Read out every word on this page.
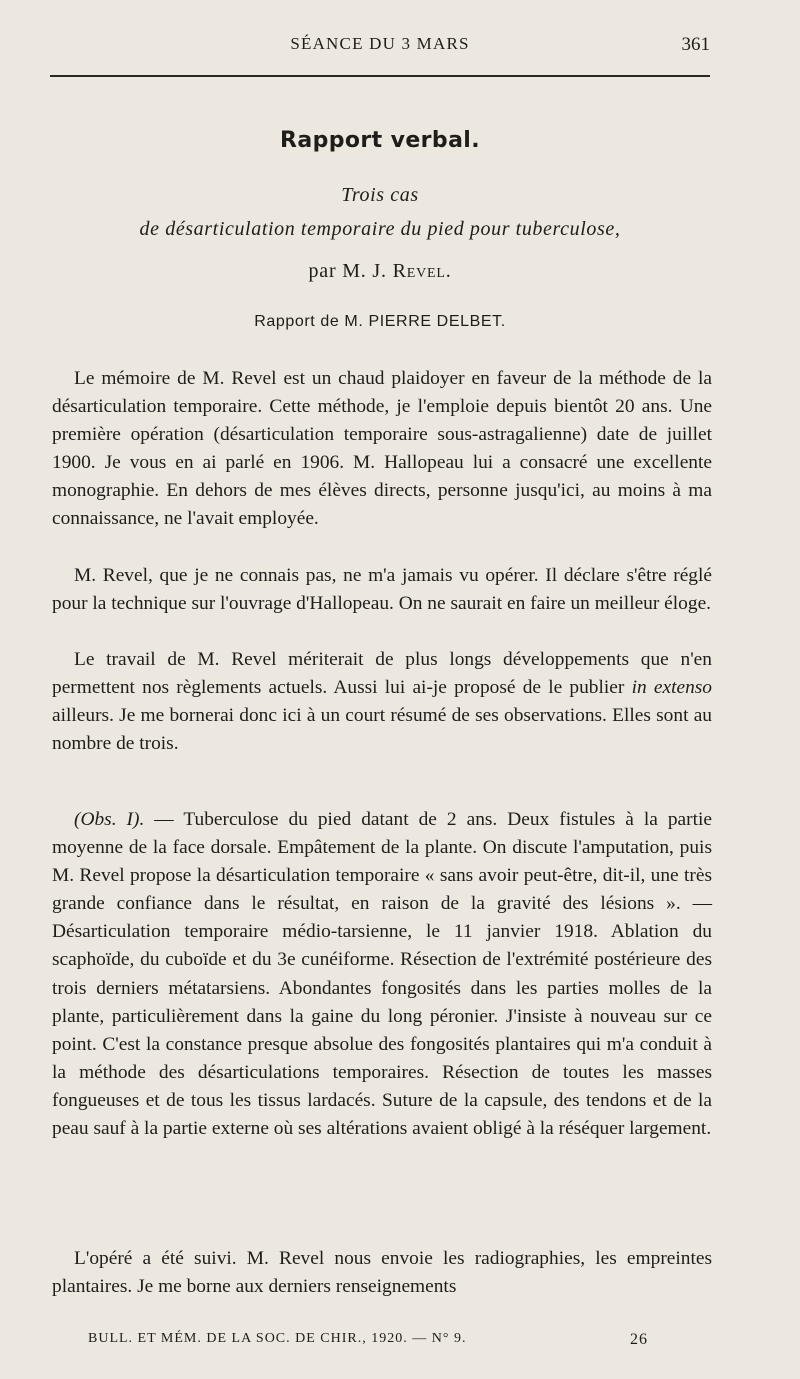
SÉANCE DU 3 MARS	361
Rapport verbal.
Trois cas
de désarticulation temporaire du pied pour tuberculose,
par M. J. Revel.
Rapport de M. PIERRE DELBET.

Le mémoire de M. Revel est un chaud plaidoyer en faveur de la méthode de la désarticulation temporaire. Cette méthode, je l'emploie depuis bientôt 20 ans. Une première opération (désarticulation temporaire sous-astragalienne) date de juillet 1900. Je vous en ai parlé en 1906. M. Hallopeau lui a consacré une excellente monographie. En dehors de mes élèves directs, personne jusqu'ici, au moins à ma connaissance, ne l'avait employée.

M. Revel, que je ne connais pas, ne m'a jamais vu opérer. Il déclare s'être réglé pour la technique sur l'ouvrage d'Hallopeau. On ne saurait en faire un meilleur éloge.

Le travail de M. Revel mériterait de plus longs développements que n'en permettent nos règlements actuels. Aussi lui ai-je proposé de le publier in extenso ailleurs. Je me bornerai donc ici à un court résumé de ses observations. Elles sont au nombre de trois.

(Obs. I). — Tuberculose du pied datant de 2 ans. Deux fistules à la partie moyenne de la face dorsale. Empâtement de la plante. On discute l'amputation, puis M. Revel propose la désarticulation temporaire « sans avoir peut-être, dit-il, une très grande confiance dans le résultat, en raison de la gravité des lésions ». — Désarticulation temporaire médio-tarsienne, le 11 janvier 1918. Ablation du scaphoïde, du cuboïde et du 3e cunéiforme. Résection de l'extrémité postérieure des trois derniers métatarsiens. Abondantes fongosités dans les parties molles de la plante, particulièrement dans la gaine du long péronier. J'insiste à nouveau sur ce point. C'est la constance presque absolue des fongosités plantaires qui m'a conduit à la méthode des désarticulations temporaires. Résection de toutes les masses fongueuses et de tous les tissus lardacés. Suture de la capsule, des tendons et de la peau sauf à la partie externe où ses altérations avaient obligé à la réséquer largement.

L'opéré a été suivi. M. Revel nous envoie les radiographies, les empreintes plantaires. Je me borne aux derniers renseignements

BULL. ET MÉM. DE LA SOC. DE CHIR., 1920. — N° 9.	26
